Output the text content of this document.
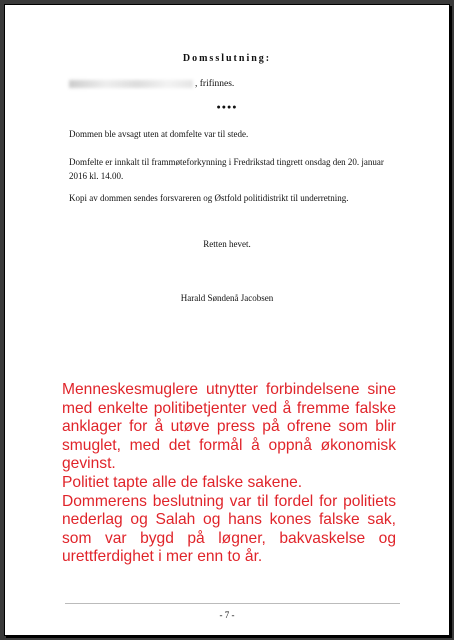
Domsslutning:
, frifinnes.
●●●●
Dommen ble avsagt uten at domfelte var til stede.
Domfelte er innkalt til frammøteforkynning i Fredrikstad tingrett onsdag den 20. januar 2016 kl. 14.00.
Kopi av dommen sendes forsvareren og Østfold politidistrikt til underretning.
Retten hevet.
Harald Søndenå Jacobsen

Menneskesmuglere utnytter forbindelsene sine med enkelte politibetjenter ved å fremme falske anklager for å utøve press på ofrene som blir smuglet, med det formål å oppnå økonomisk gevinst.

Politiet tapte alle de falske sakene.

Dommerens beslutning var til fordel for politiets nederlag og Salah og hans kones falske sak, som var bygd på løgner, bakvaskelse og urettferdighet i mer enn to år.

- 7 -
